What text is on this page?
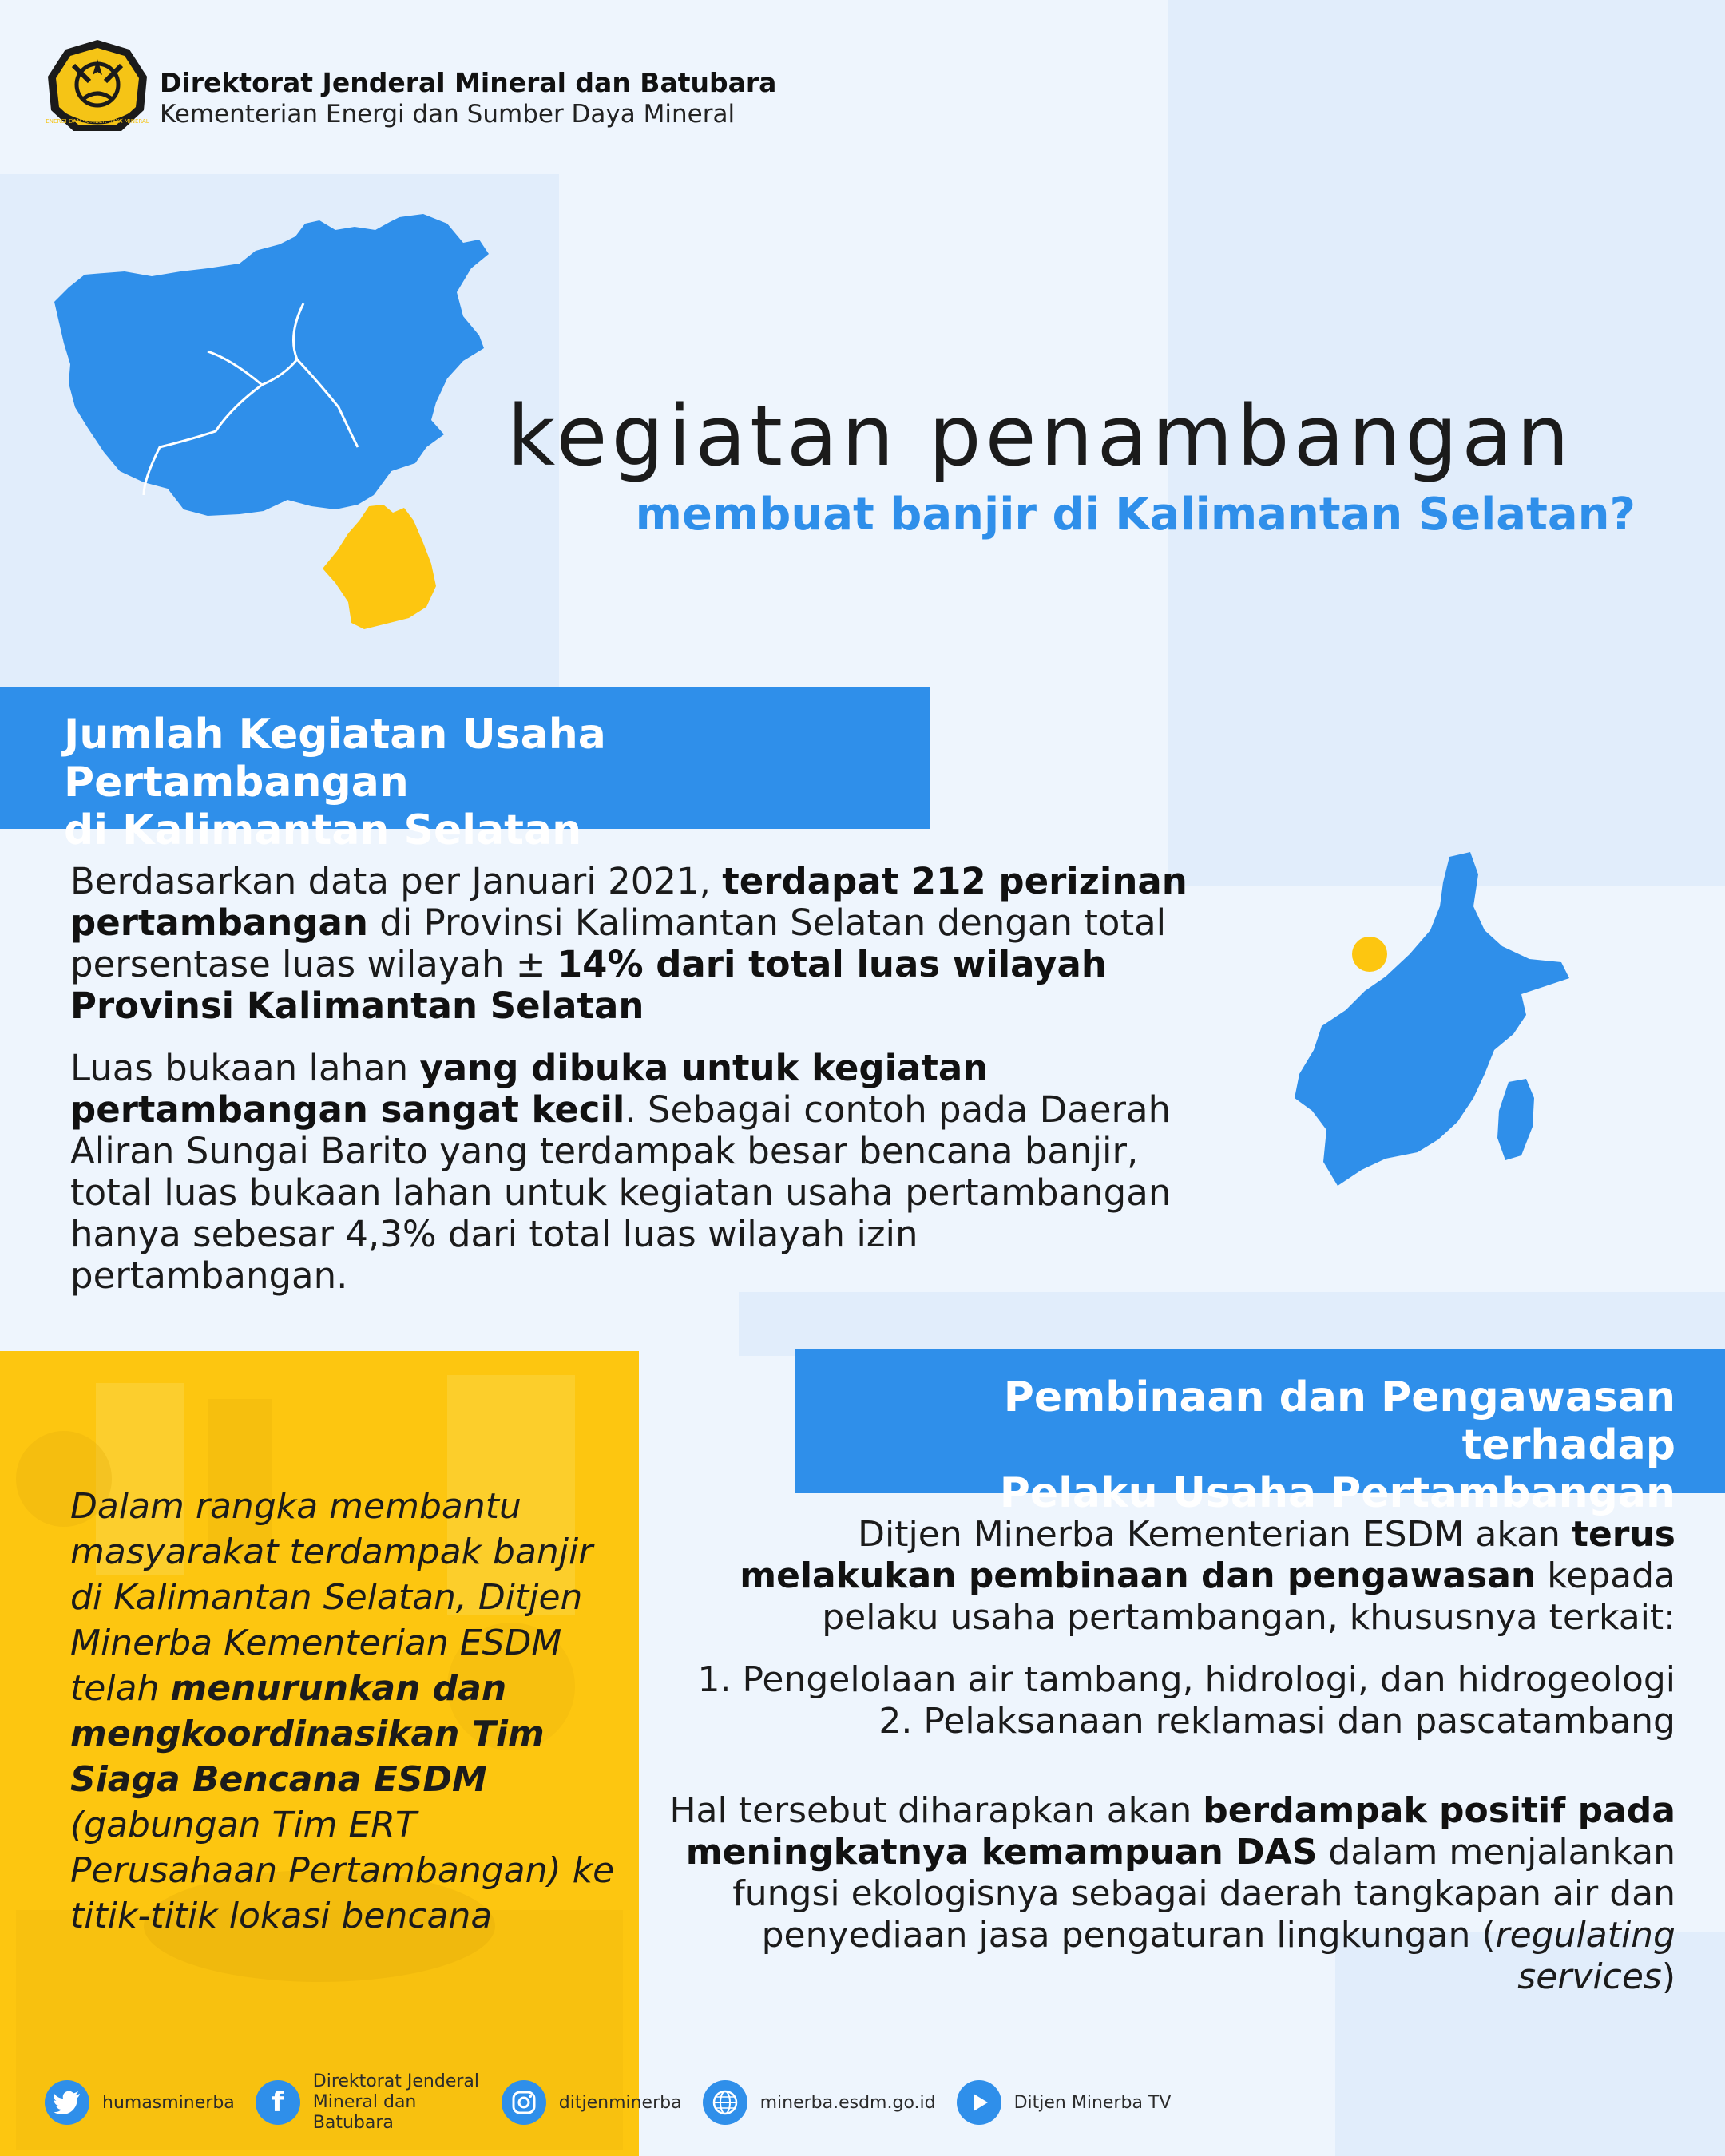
ENERGI DAN SUMBER DAYA MINERAL
Direktorat Jenderal Mineral dan Batubara
Kementerian Energi dan Sumber Daya Mineral
kegiatan penambangan
membuat banjir di Kalimantan Selatan?
Jumlah Kegiatan Usaha Pertambangan
di Kalimantan Selatan
Berdasarkan data per Januari 2021, terdapat 212 perizinan pertambangan di Provinsi Kalimantan Selatan dengan total persentase luas wilayah ± 14% dari total luas wilayah Provinsi Kalimantan Selatan
Luas bukaan lahan yang dibuka untuk kegiatan pertambangan sangat kecil. Sebagai contoh pada Daerah Aliran Sungai Barito yang terdampak besar bencana banjir, total luas bukaan lahan untuk kegiatan usaha pertambangan hanya sebesar 4,3% dari total luas wilayah izin pertambangan.
Dalam rangka membantu masyarakat terdampak banjir di Kalimantan Selatan, Ditjen Minerba Kementerian ESDM telah menurunkan dan mengkoordinasikan Tim Siaga Bencana ESDM (gabungan Tim ERT Perusahaan Pertambangan) ke titik-titik lokasi bencana
Pembinaan dan Pengawasan terhadap
Pelaku Usaha Pertambangan
Ditjen Minerba Kementerian ESDM akan terus melakukan pembinaan dan pengawasan kepada pelaku usaha pertambangan, khususnya terkait:
1. Pengelolaan air tambang, hidrologi, dan hidrogeologi
2. Pelaksanaan reklamasi dan pascatambang
Hal tersebut diharapkan akan berdampak positif pada meningkatnya kemampuan DAS dalam menjalankan fungsi ekologisnya sebagai daerah tangkapan air dan penyediaan jasa pengaturan lingkungan (regulating services)
humasminerba	f
Direktorat Jenderal Mineral dan Batubara
ditjenminerba	minerba.esdm.go.id	Ditjen Minerba TV
